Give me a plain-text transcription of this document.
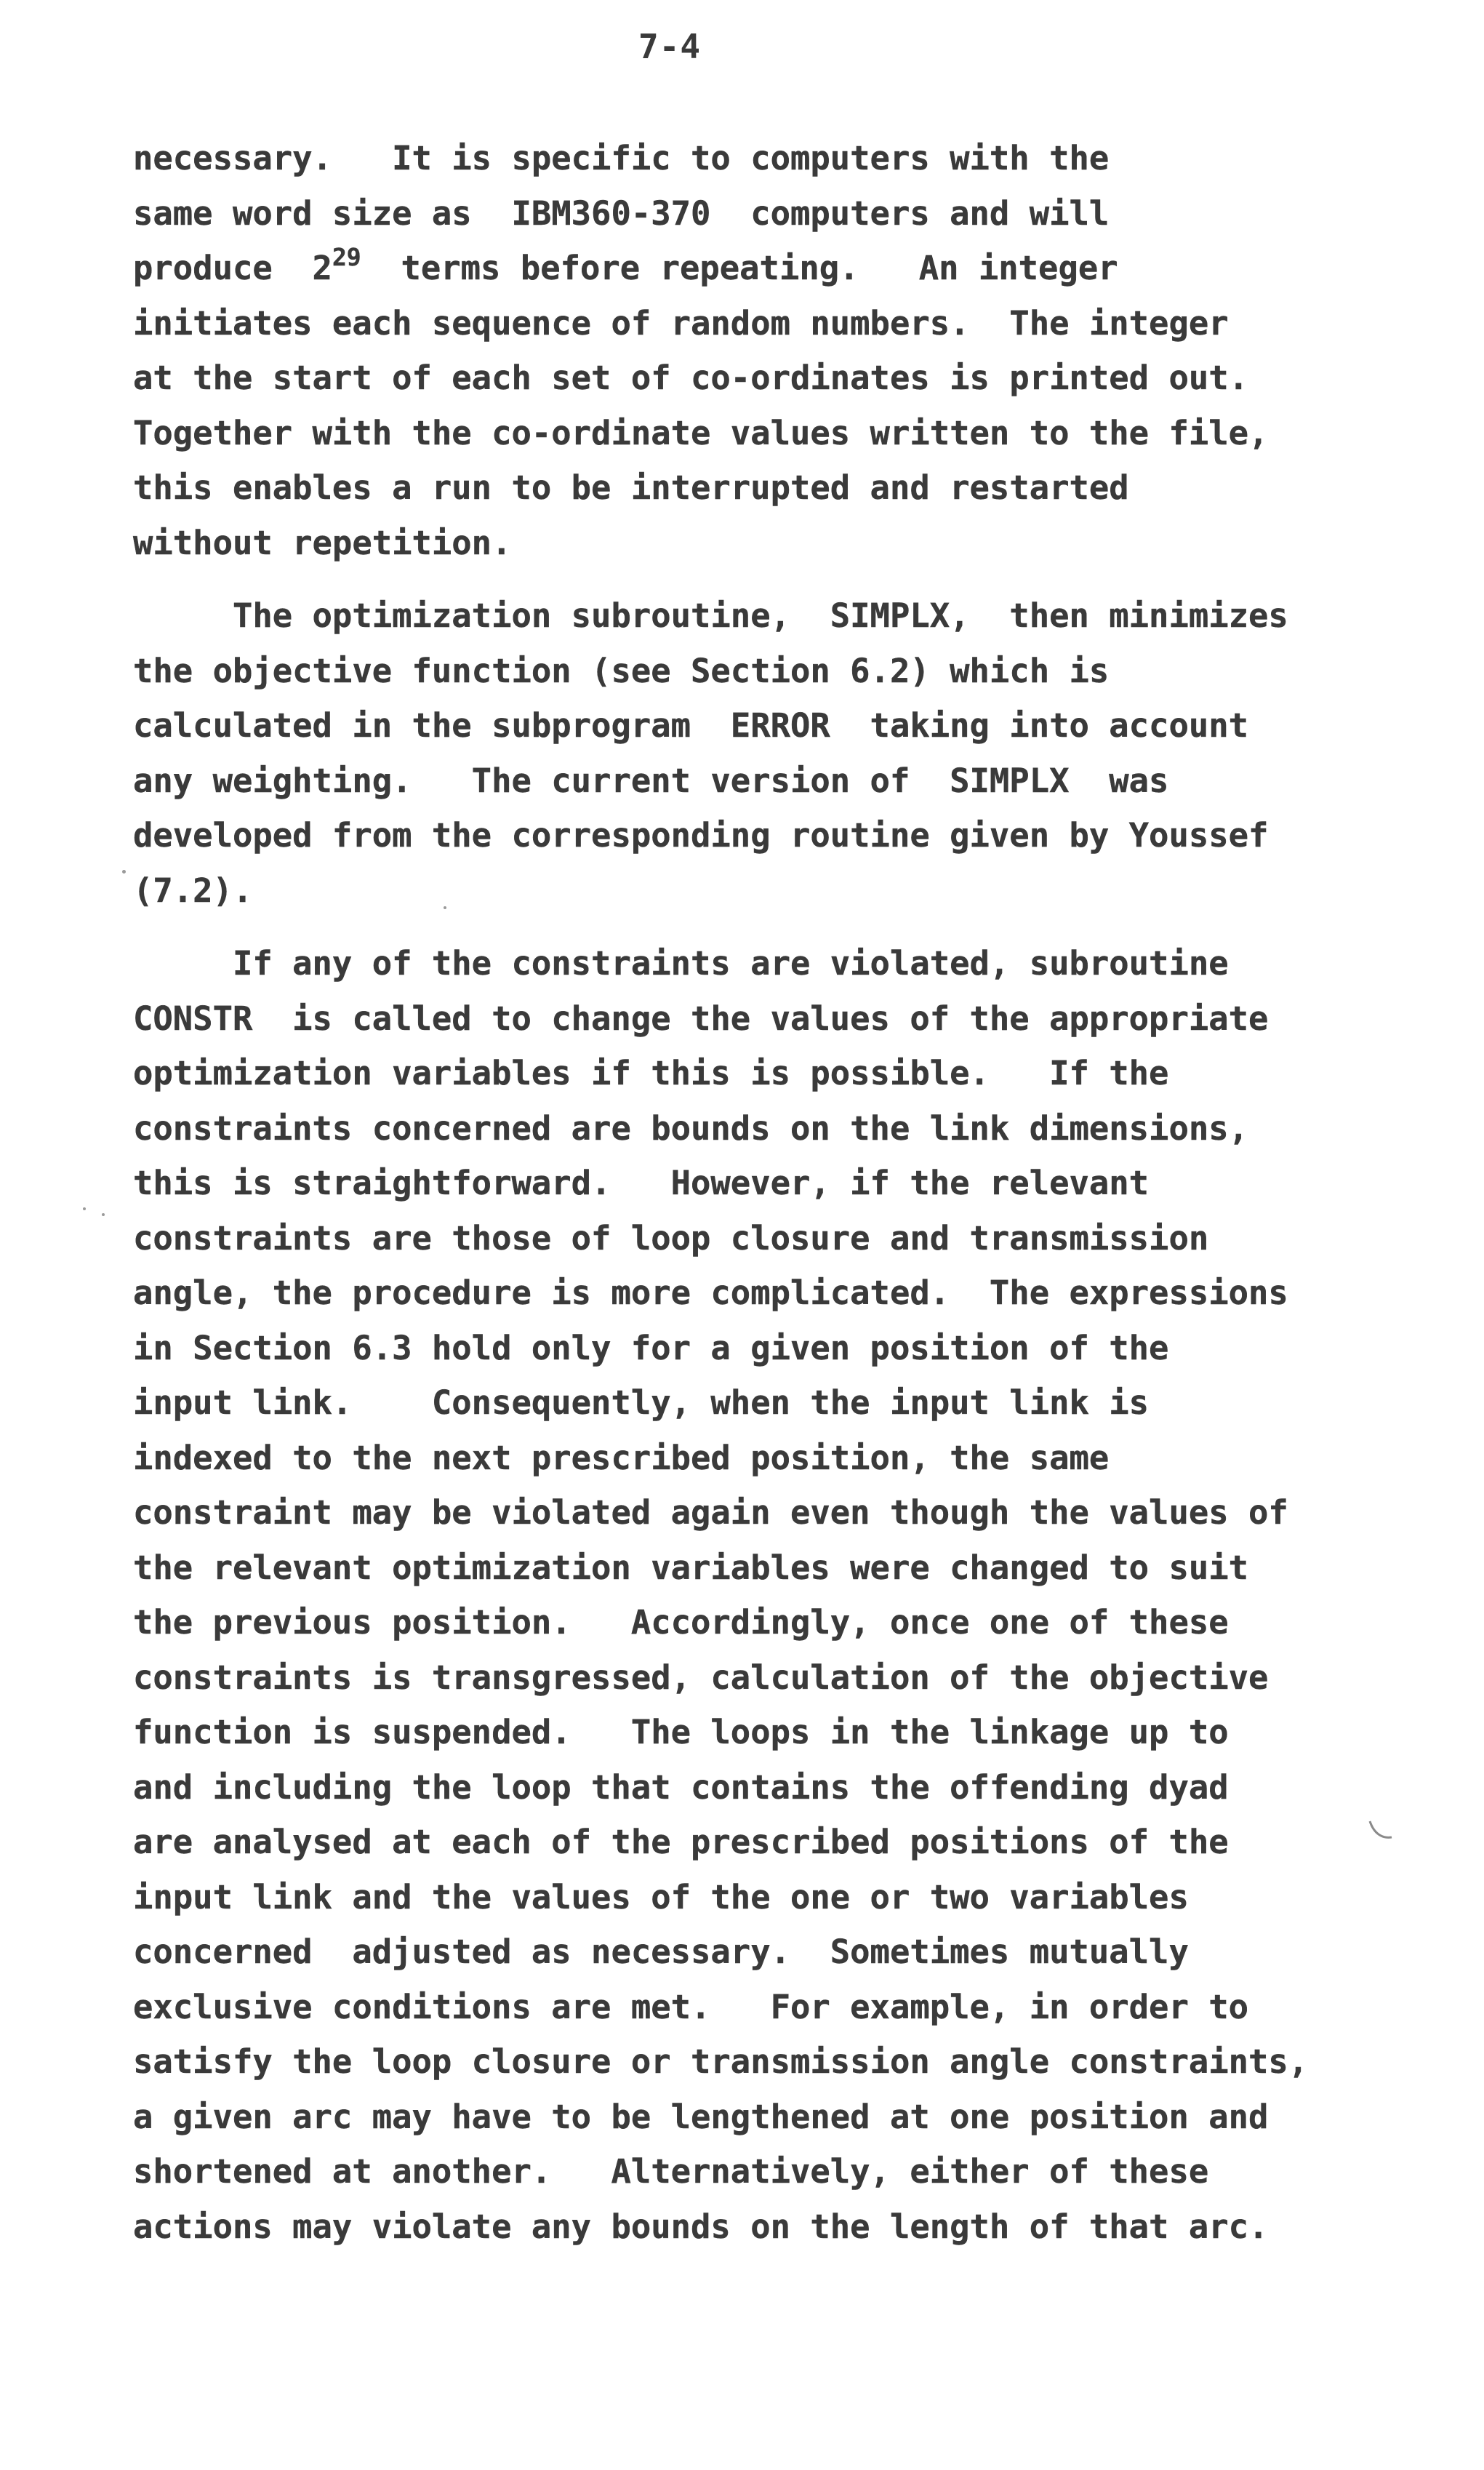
7-4
necessary.   It is specific to computers with the
same word size as  IBM360-370  computers and will
produce  $2^{29}$  terms before repeating.   An integer
initiates each sequence of random numbers.  The integer
at the start of each set of co-ordinates is printed out.
Together with the co-ordinate values written to the file,
this enables a run to be interrupted and restarted
without repetition.
The optimization subroutine,  SIMPLX,  then minimizes
the objective function (see Section 6.2) which is
calculated in the subprogram  ERROR  taking into account
any weighting.   The current version of  SIMPLX  was
developed from the corresponding routine given by Youssef
(7.2).
If any of the constraints are violated, subroutine
CONSTR  is called to change the values of the appropriate
optimization variables if this is possible.   If the
constraints concerned are bounds on the link dimensions,
this is straightforward.   However, if the relevant
constraints are those of loop closure and transmission
angle, the procedure is more complicated.  The expressions
in Section 6.3 hold only for a given position of the
input link.    Consequently, when the input link is
indexed to the next prescribed position, the same
constraint may be violated again even though the values of
the relevant optimization variables were changed to suit
the previous position.   Accordingly, once one of these
constraints is transgressed, calculation of the objective
function is suspended.   The loops in the linkage up to
and including the loop that contains the offending dyad
are analysed at each of the prescribed positions of the
input link and the values of the one or two variables
concerned  adjusted as necessary.  Sometimes mutually
exclusive conditions are met.   For example, in order to
satisfy the loop closure or transmission angle constraints,
a given arc may have to be lengthened at one position and
shortened at another.   Alternatively, either of these
actions may violate any bounds on the length of that arc.
